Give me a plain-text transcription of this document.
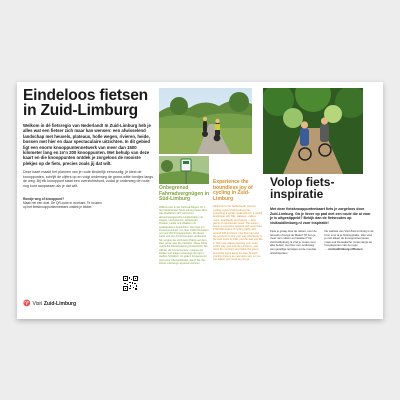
Eindeloos fietsen in Zuid-Limburg
Welkom in dé fietsregio van Nederland! In Zuid-Limburg heb je alles wat een fietser zich maar kan wensen: een afwisselend landschap met heuvels, plateaus, holle wegen, rivieren, heide, bossen met hier en daar spectaculaire uitzichten. In dit gebied ligt een enorm knooppuntennetwerk van meer dan 1500 kilometer lang en zo'n 200 knooppunten. Met behulp van deze kaart en die knooppunten ontdek je zorgeloos de mooiste plekjes op de fiets, precies zoals jij dat wilt.
Deze kaart maakt het plannen van je route kinderlijk eenvoudig: je kiest de knooppunten, schrijft de cijfers op en volgt onderweg de groen-witte bordjes langs de weg. Bij elk knooppunt staat een overzichtsbord, zodat je onderweg de route nog kunt aanpassen als je dat wilt.
Rondje weg of knooppunt?
Maak het een doel. De QR-code in voorkant. Te houden op het fietsknooppuntennetwerk ontdek je lekker.
♈ Visit Zuid-Limburg
Onbegrensd Fahrradvergnügen in Süd-Limburg
Willkommen in der Fahrrad-Region Nr. 1 der Niederlande! Süd-Limburg bietet alles, was Radfahrer sich wünschen: abwechslungsreiche Landschaften mit Hügeln, Hochebenen, Hohlwegen, Flüssen, Heide und Wäldern mit spektakulären Aussichten. Hier liegt ein Knotenpunktnetz von über 1500 Kilometern mit rund 200 Knotenpunkten. Mit dieser Karte und den Knotenpunkten entdecken Sie sorglos die schönsten Plätze auf dem Rad, genau wie Sie möchten. Diese Karte macht die Routenplanung kinderleicht: Sie wählen die Knotenpunkte, notieren die Zahlen und folgen unterwegs den grün-weißen Schildern. An jedem Knotenpunkt steht eine Übersichtstafel, damit Sie Ihre Route unterwegs anpassen können.
Experience the boundless joy of cycling in Zuid-Limburg
Welcome to the Netherlands' premier cycling region! Zuid-Limburg has everything a cyclist could wish for: a varied landscape with hills, plateaus, valleys, rivers, heathlands and forests — and plenty of spectacular views. The area is home to a junction network with more than 1,500 kilometres of cycling paths and around 200 junctions. Use this map and the junctions to find your way effortlessly to the best spots by bike, just the way you like it. This map makes planning your route child's play: just pick the junctions, note down the numbers and follow the green-and-white signs along the way. At each junction there is an overview map, so you can adjust your route as you go.
Volop fiets-inspiratie
Met deze fietsknooppuntenkaart fiets je zorgeloos door Zuid-Limburg. Ga je liever op pad met een route die al voor je is uitgestippeld? Bekijk dan de fietsroutes op visitzuidlimburg.nl voor inspiratie!
Fiets je graag door de natuur, over de heuvels of langs de Maas? Of ben je meer van cultuur en kastelen? Op visitzuidlimburg.nl vind je routes voor elke fietser, met tips voor onderweg: van gezellige terrasjes tot de mooiste uitzichtpunten.
De website van Visit Zuid-Limburg is dé bron voor al je fietsinspiratie. Hier vind je niet alleen de knooppuntenroutes, maar ook thematische routes langs de hoogtepunten van de regio.
→ visitzuidlimburg.nl/fietsen
